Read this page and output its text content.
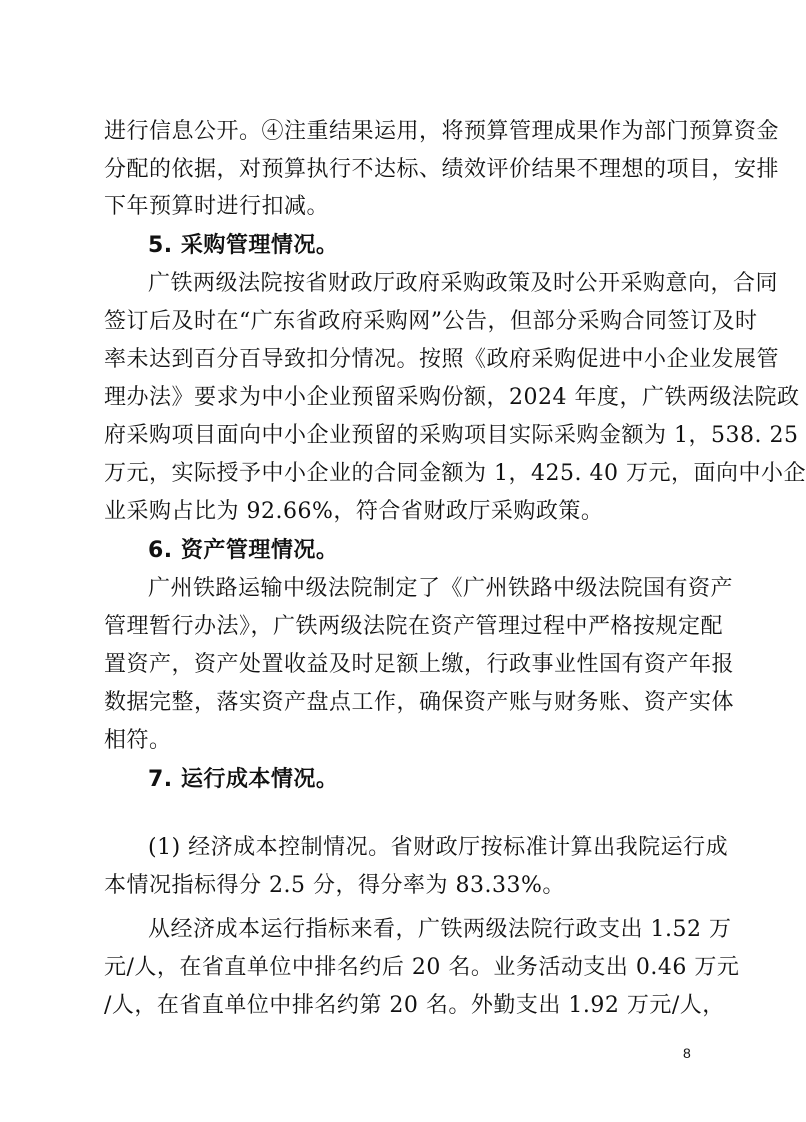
进行信息公开。④注重结果运用，将预算管理成果作为部门预算资金
分配的依据，对预算执行不达标、绩效评价结果不理想的项目，安排
下年预算时进行扣减。
5. 采购管理情况。
广铁两级法院按省财政厅政府采购政策及时公开采购意向，合同
签订后及时在“广东省政府采购网”公告，但部分采购合同签订及时
率未达到百分百导致扣分情况。按照《政府采购促进中小企业发展管
理办法》要求为中小企业预留采购份额，2024 年度，广铁两级法院政
府采购项目面向中小企业预留的采购项目实际采购金额为 1，538. 25
万元，实际授予中小企业的合同金额为 1，425. 40 万元，面向中小企
业采购占比为 92.66%，符合省财政厅采购政策。
6. 资产管理情况。
广州铁路运输中级法院制定了《广州铁路中级法院国有资产
管理暂行办法》，广铁两级法院在资产管理过程中严格按规定配
置资产，资产处置收益及时足额上缴，行政事业性国有资产年报
数据完整，落实资产盘点工作，确保资产账与财务账、资产实体
相符。
7. 运行成本情况。
(1) 经济成本控制情况。省财政厅按标准计算出我院运行成
本情况指标得分 2.5 分，得分率为 83.33%。
从经济成本运行指标来看，广铁两级法院行政支出 1.52 万
元/人，在省直单位中排名约后 20 名。业务活动支出 0.46 万元
/人，在省直单位中排名约第 20 名。外勤支出 1.92 万元/人，
8
